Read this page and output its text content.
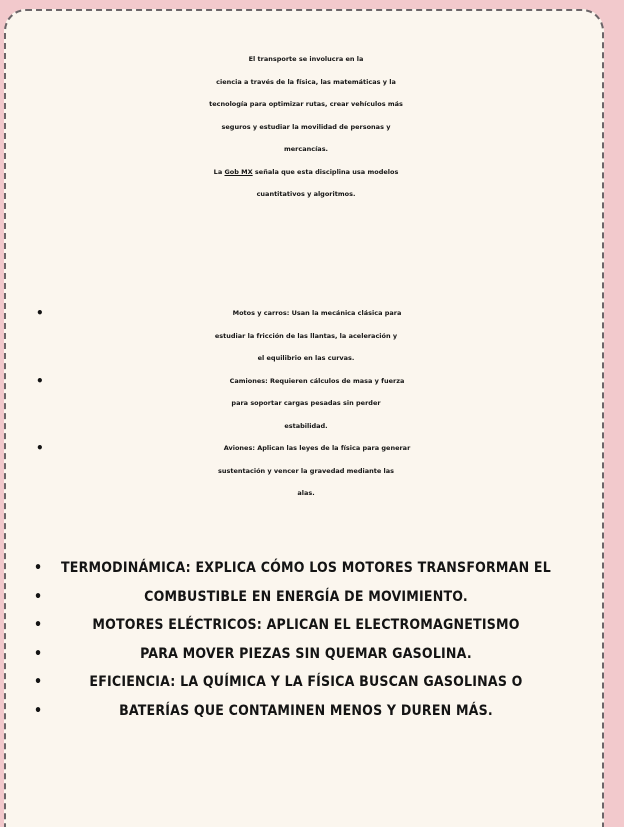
El transporte se involucra en la
ciencia a través de la física, las matemáticas y la
tecnología para optimizar rutas, crear vehículos más
seguros y estudiar la movilidad de personas y
mercancías.
La Gob MX señala que esta disciplina usa modelos
cuantitativos y algoritmos.
•	Motos y carros: Usan la mecánica clásica para
estudiar la fricción de las llantas, la aceleración y
el equilibrio en las curvas.
•	Camiones: Requieren cálculos de masa y fuerza
para soportar cargas pesadas sin perder
estabilidad.
•	Aviones: Aplican las leyes de la física para generar
sustentación y vencer la gravedad mediante las
alas.
• TERMODINÁMICA: EXPLICA CÓMO LOS MOTORES TRANSFORMAN EL
•	COMBUSTIBLE EN ENERGÍA DE MOVIMIENTO.
•	MOTORES ELÉCTRICOS: APLICAN EL ELECTROMAGNETISMO
•	PARA MOVER PIEZAS SIN QUEMAR GASOLINA.
•	EFICIENCIA: LA QUÍMICA Y LA FÍSICA BUSCAN GASOLINAS O
•	BATERÍAS QUE CONTAMINEN MENOS Y DUREN MÁS.
